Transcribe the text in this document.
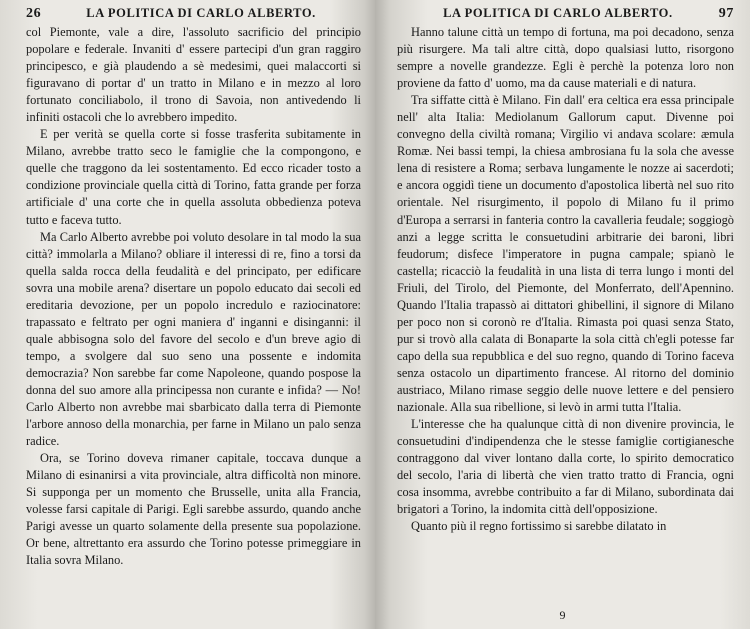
26	LA POLITICA DI CARLO ALBERTO.

col Piemonte, vale a dire, l'assoluto sacrificio del principio popolare e federale. Invaniti d' essere partecipi d'un gran raggiro principesco, e già plaudendo a sè medesimi, quei malaccorti si figuravano di portar d' un tratto in Milano e in mezzo al loro fortunato conciliabolo, il trono di Savoia, non antivedendo li infiniti ostacoli che lo avrebbero impedito.

E per verità se quella corte si fosse trasferita subitamente in Milano, avrebbe tratto seco le famiglie che la compongono, e quelle che traggono da lei sostentamento. Ed ecco ricader tosto a condizione provinciale quella città di Torino, fatta grande per forza artificiale d' una corte che in quella assoluta obbedienza poteva tutto e faceva tutto.

Ma Carlo Alberto avrebbe poi voluto desolare in tal modo la sua città? immolarla a Milano? obliare il interessi di re, fino a torsi da quella salda rocca della feudalità e del principato, per edificare sovra una mobile arena? disertare un popolo educato dai secoli ed ereditaria devozione, per un popolo incredulo e raziocinatore: trapassato e feltrato per ogni maniera d' inganni e disinganni: il quale abbisogna solo del favore del secolo e d'un breve agio di tempo, a svolgere dal suo seno una possente e indomita democrazia? Non sarebbe far come Napoleone, quando pospose la donna del suo amore alla principessa non curante e infida? — No! Carlo Alberto non avrebbe mai sbarbicato dalla terra di Piemonte l'arbore annoso della monarchia, per farne in Milano un palo senza radice.

Ora, se Torino doveva rimaner capitale, toccava dunque a Milano di esinanirsi a vita provinciale, altra difficoltà non minore. Si supponga per un momento che Brusselle, unita alla Francia, volesse farsi capitale di Parigi. Egli sarebbe assurdo, quando anche Parigi avesse un quarto solamente della presente sua popolazione. Or bene, altrettanto era assurdo che Torino potesse primeggiare in Italia sovra Milano.

LA POLITICA DI CARLO ALBERTO.	97

Hanno talune città un tempo di fortuna, ma poi decadono, senza più risurgere. Ma tali altre città, dopo qualsiasi lutto, risorgono sempre a novelle grandezze. Egli è perchè la potenza loro non proviene da fatto d' uomo, ma da cause materiali e di natura.

Tra siffatte città è Milano. Fin dall' era celtica era essa principale nell' alta Italia: Mediolanum Gallorum caput. Divenne poi convegno della civiltà romana; Virgilio vi andava scolare: æmula Romæ. Nei bassi tempi, la chiesa ambrosiana fu la sola che avesse lena di resistere a Roma; serbava lungamente le nozze ai sacerdoti; e ancora oggidì tiene un documento d'apostolica libertà nel suo rito orientale. Nel risurgimento, il popolo di Milano fu il primo d'Europa a serrarsi in fanteria contro la cavalleria feudale; soggiogò anzi a legge scritta le consuetudini arbitrarie dei baroni, libri feudorum; disfece l'imperatore in pugna campale; spianò le castella; ricacciò la feudalità in una lista di terra lungo i monti del Friuli, del Tirolo, del Piemonte, del Monferrato, dell'Apennino. Quando l'Italia trapassò ai dittatori ghibellini, il signore di Milano per poco non si coronò re d'Italia. Rimasta poi quasi senza Stato, pur si trovò alla calata di Bonaparte la sola città ch'egli potesse far capo della sua repubblica e del suo regno, quando di Torino faceva senza ostacolo un dipartimento francese. Al ritorno del dominio austriaco, Milano rimase seggio delle nuove lettere e del pensiero nazionale. Alla sua ribellione, si levò in armi tutta l'Italia.

L'interesse che ha qualunque città di non divenire provincia, le consuetudini d'indipendenza che le stesse famiglie cortigianesche contraggono dal viver lontano dalla corte, lo spirito democratico del secolo, l'aria di libertà che vien tratto tratto di Francia, ogni cosa insomma, avrebbe contribuito a far di Milano, subordinata dai brigatori a Torino, la indomita città dell'opposizione.

Quanto più il regno fortissimo si sarebbe dilatato in

9
